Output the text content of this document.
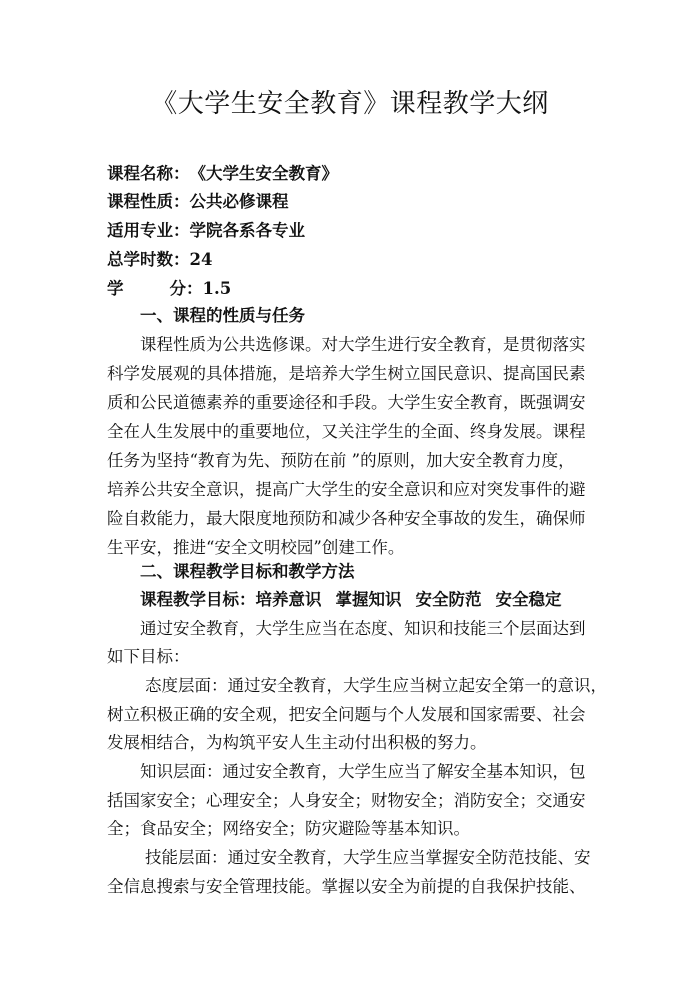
《大学生安全教育》课程教学大纲
课程名称：《大学生安全教育》
课程性质：公共必修课程
适用专业：学院各系各专业
总学时数：24
学	分：1.5
一、课程的性质与任务
课程性质为公共选修课。对大学生进行安全教育，是贯彻落实
科学发展观的具体措施，是培养大学生树立国民意识、提高国民素
质和公民道德素养的重要途径和手段。大学生安全教育，既强调安
全在人生发展中的重要地位，又关注学生的全面、终身发展。课程
任务为坚持“教育为先、预防在前 ”的原则，加大安全教育力度，
培养公共安全意识，提高广大学生的安全意识和应对突发事件的避
险自救能力，最大限度地预防和减少各种安全事故的发生，确保师
生平安，推进“安全文明校园”创建工作。
二、课程教学目标和教学方法
课程教学目标：培养意识 掌握知识 安全防范 安全稳定
通过安全教育，大学生应当在态度、知识和技能三个层面达到
如下目标：
态度层面：通过安全教育，大学生应当树立起安全第一的意识，
树立积极正确的安全观，把安全问题与个人发展和国家需要、社会
发展相结合，为构筑平安人生主动付出积极的努力。
知识层面：通过安全教育，大学生应当了解安全基本知识，包
括国家安全；心理安全；人身安全；财物安全；消防安全；交通安
全；食品安全；网络安全；防灾避险等基本知识。
技能层面：通过安全教育，大学生应当掌握安全防范技能、安
全信息搜索与安全管理技能。掌握以安全为前提的自我保护技能、
